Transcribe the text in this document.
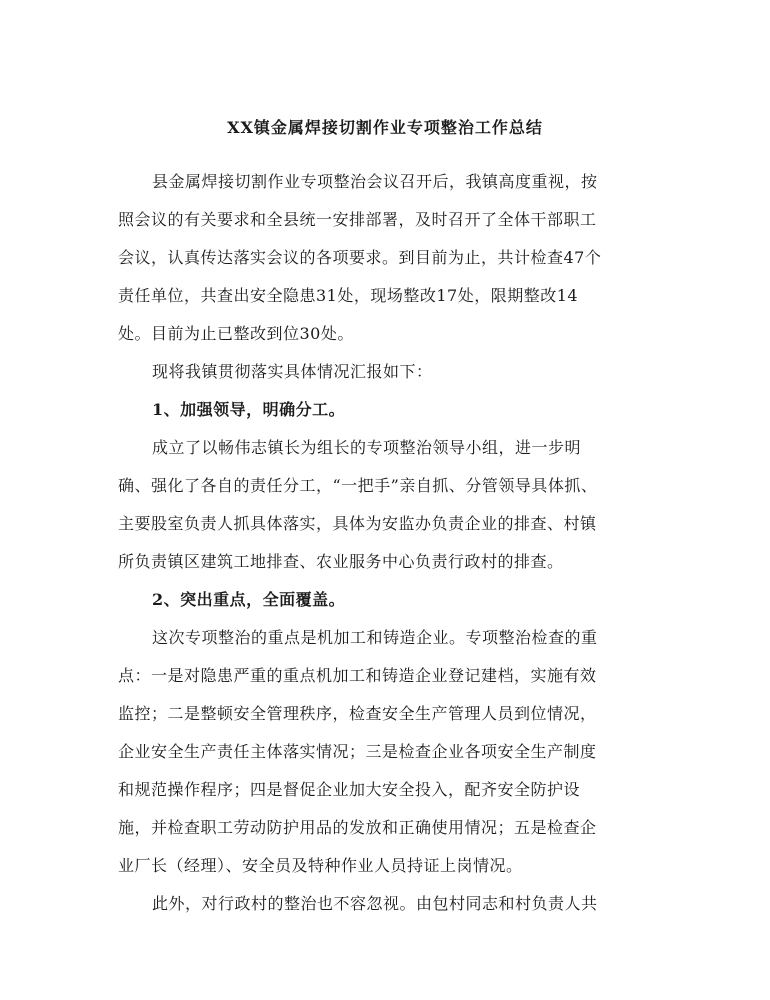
XX镇金属焊接切割作业专项整治工作总结
县金属焊接切割作业专项整治会议召开后，我镇高度重视，按
照会议的有关要求和全县统一安排部署，及时召开了全体干部职工
会议，认真传达落实会议的各项要求。到目前为止，共计检查47个
责任单位，共查出安全隐患31处，现场整改17处，限期整改14
处。目前为止已整改到位30处。
现将我镇贯彻落实具体情况汇报如下：
1、加强领导，明确分工。
成立了以畅伟志镇长为组长的专项整治领导小组，进一步明
确、强化了各自的责任分工，“一把手”亲自抓、分管领导具体抓、
主要股室负责人抓具体落实，具体为安监办负责企业的排查、村镇
所负责镇区建筑工地排查、农业服务中心负责行政村的排查。
2、突出重点，全面覆盖。
这次专项整治的重点是机加工和铸造企业。专项整治检查的重
点：一是对隐患严重的重点机加工和铸造企业登记建档，实施有效
监控；二是整顿安全管理秩序，检查安全生产管理人员到位情况，
企业安全生产责任主体落实情况；三是检查企业各项安全生产制度
和规范操作程序；四是督促企业加大安全投入，配齐安全防护设
施，并检查职工劳动防护用品的发放和正确使用情况；五是检查企
业厂长（经理）、安全员及特种作业人员持证上岗情况。
此外，对行政村的整治也不容忽视。由包村同志和村负责人共
